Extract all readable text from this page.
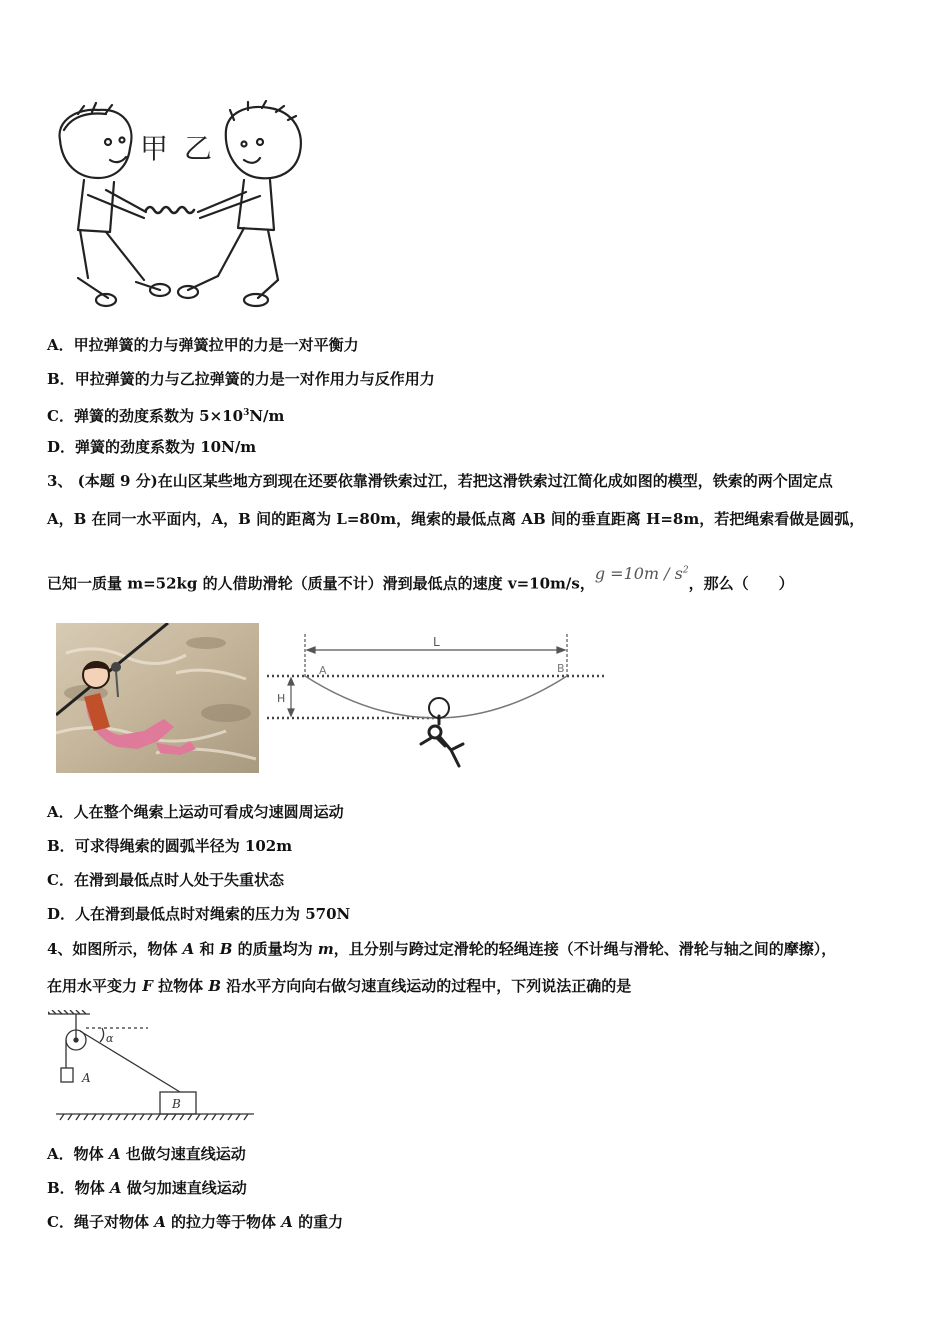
甲 乙
A．甲拉弹簧的力与弹簧拉甲的力是一对平衡力
B．甲拉弹簧的力与乙拉弹簧的力是一对作用力与反作用力
C．弹簧的劲度系数为 $5\times 10^3N/m$
D．弹簧的劲度系数为 10N/m
3、 (本题 9 分)在山区某些地方到现在还要依靠滑铁索过江，若把这滑铁索过江简化成如图的模型，铁索的两个固定点
A，B 在同一水平面内，A，B 间的距离为 L=80m，绳索的最低点离 AB 间的垂直距离 H=8m，若把绳索看做是圆弧，
已知一质量 m=52kg 的人借助滑轮（质量不计）滑到最低点的速度 v=10m/s，$g =10m / s^2$，那么（　　）
L
A	B
H
A．人在整个绳索上运动可看成匀速圆周运动
B．可求得绳索的圆弧半径为 102m
C．在滑到最低点时人处于失重状态
D．人在滑到最低点时对绳索的压力为 570N
4、如图所示，物体 A 和 B 的质量均为 m，且分别与跨过定滑轮的轻绳连接（不计绳与滑轮、滑轮与轴之间的摩擦），
在用水平变力 F 拉物体 B 沿水平方向向右做匀速直线运动的过程中，下列说法正确的是
α
A
B
A．物体 A 也做匀速直线运动
B．物体 A 做匀加速直线运动
C．绳子对物体 A 的拉力等于物体 A 的重力
